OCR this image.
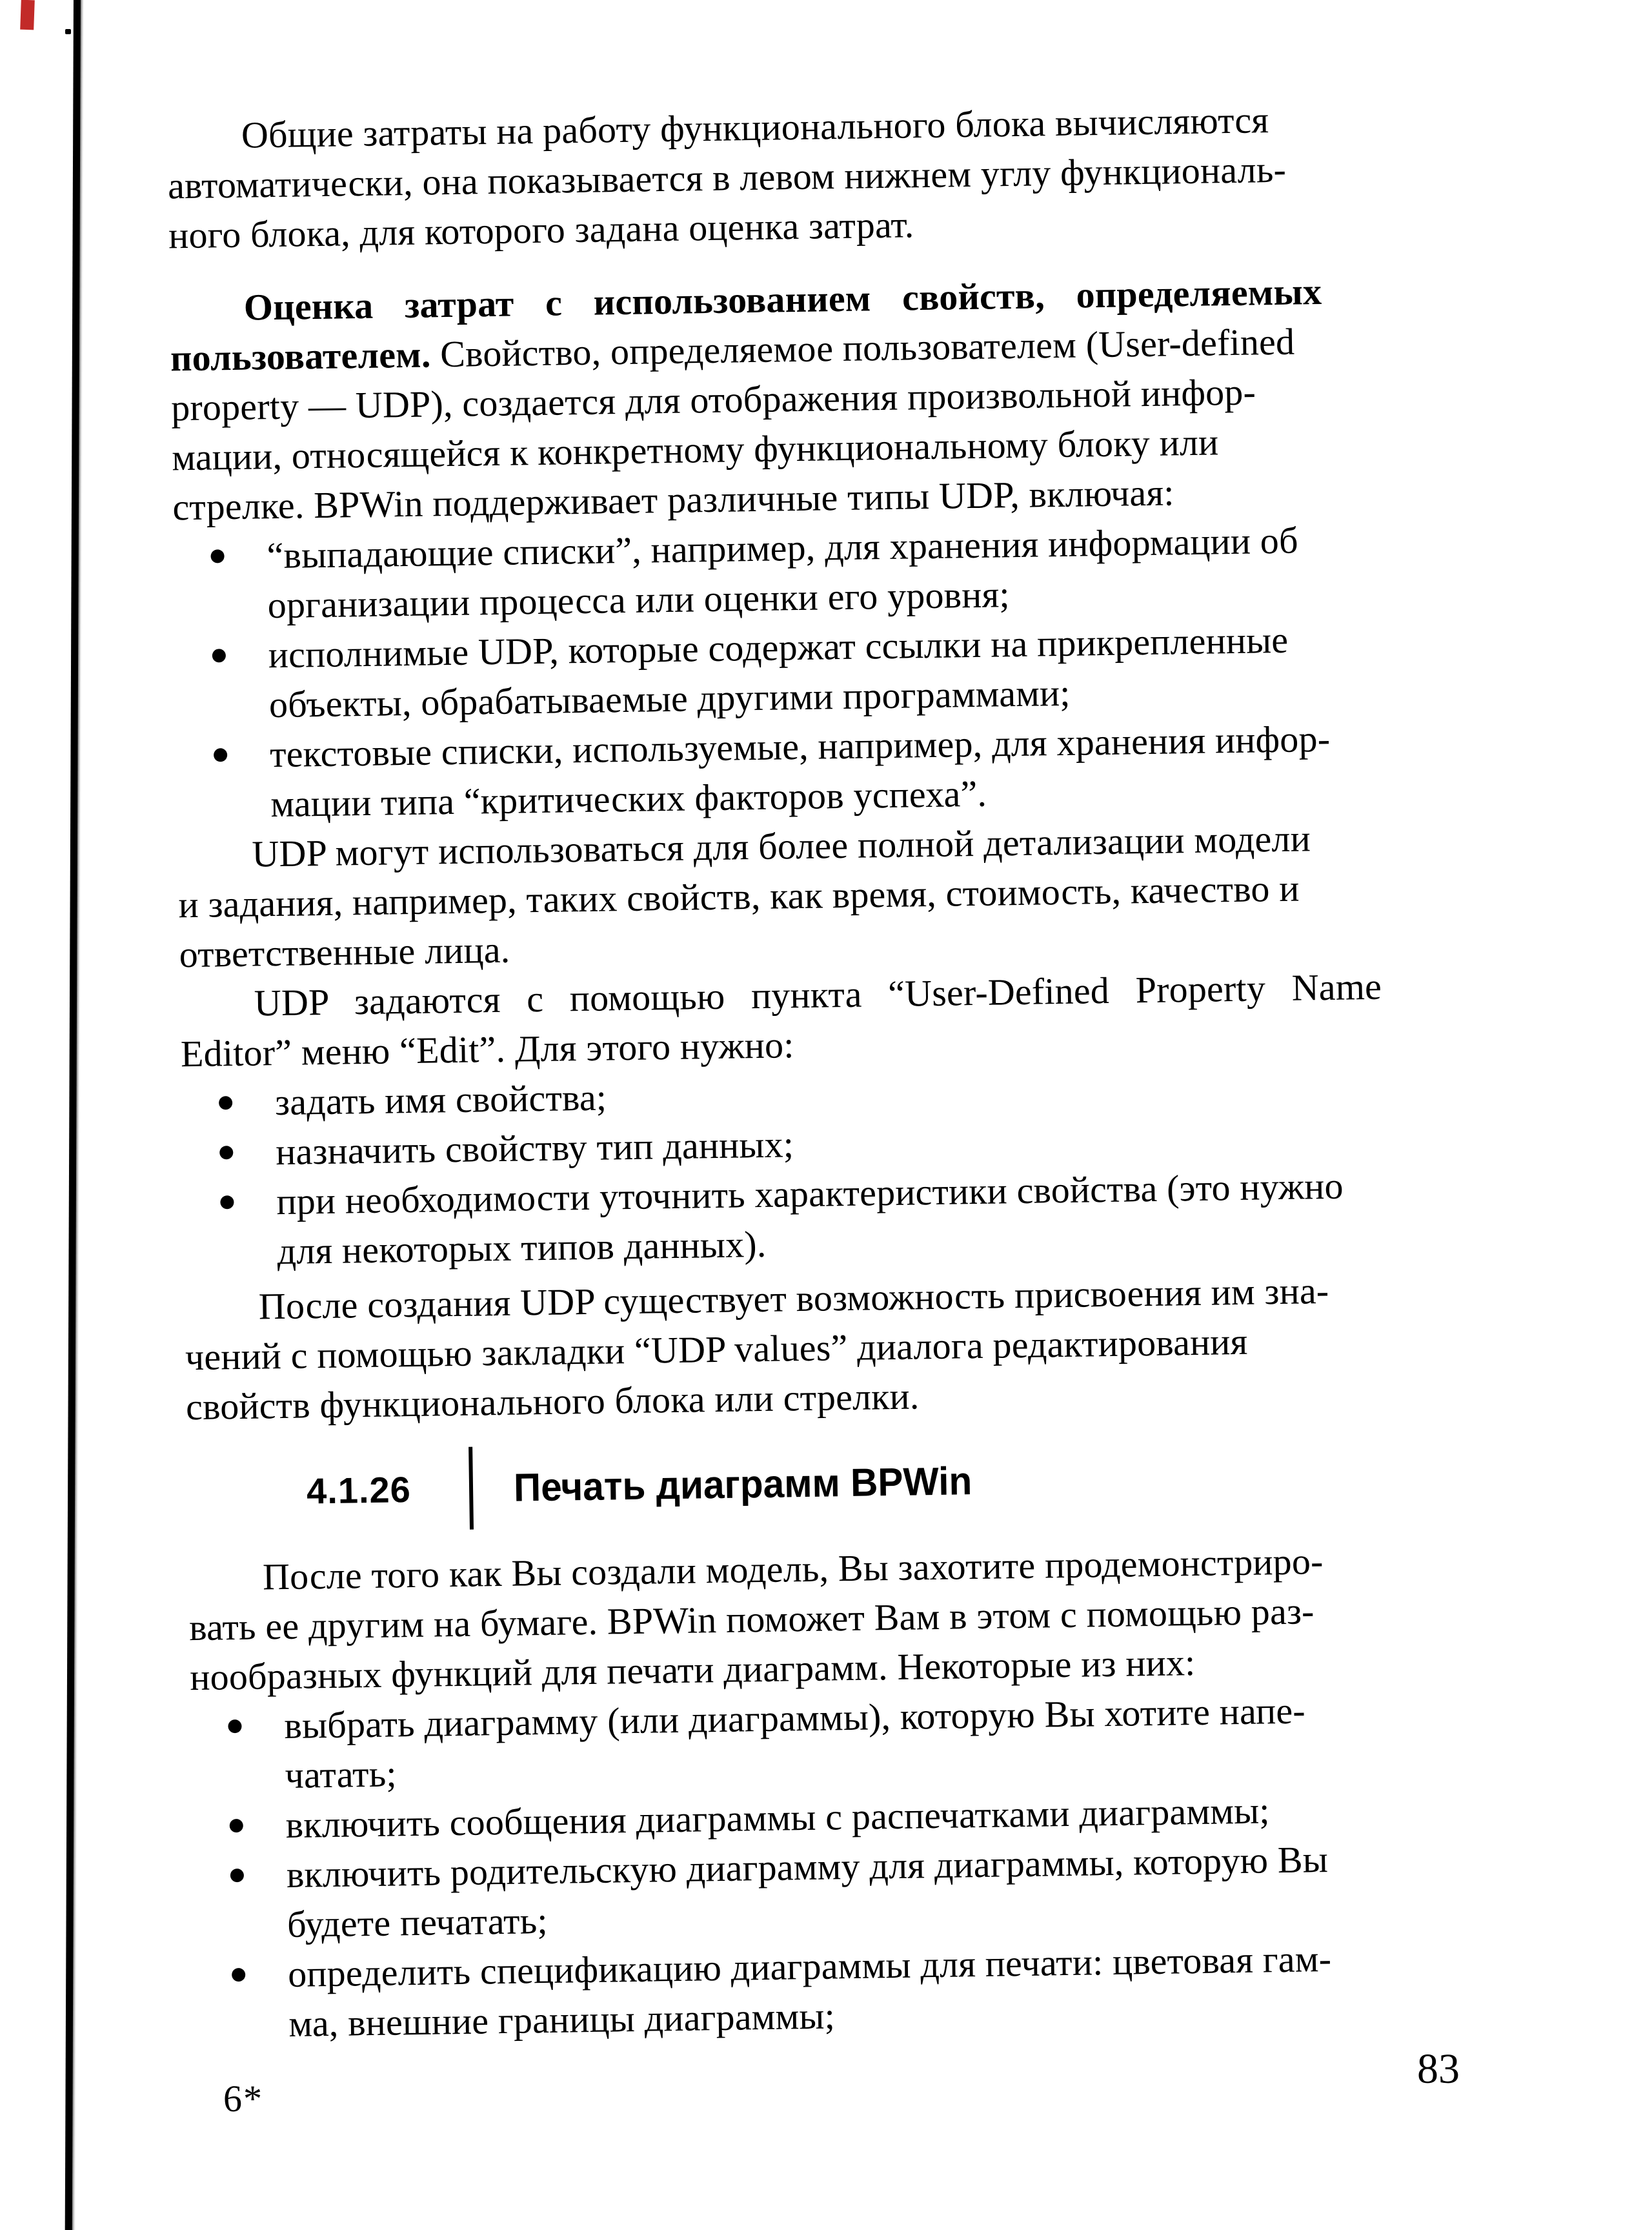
Общие затраты на работу функционального блока вычисляются
автоматически, она показывается в левом нижнем углу функциональ-
ного блока, для которого задана оценка затрат.

Оценка затрат с использованием свойств, определяемых
пользователем. Свойство, определяемое пользователем (User-defined
property — UDP), создается для отображения произвольной инфор-
мации, относящейся к конкретному функциональному блоку или
стрелке. BPWin поддерживает различные типы UDP, включая:

“выпадающие списки”, например, для хранения информации об
организации процесса или оценки его уровня;
исполнимые UDP, которые содержат ссылки на прикрепленные
объекты, обрабатываемые другими программами;
текстовые списки, используемые, например, для хранения инфор-
мации типа “критических факторов успеха”.

UDP могут использоваться для более полной детализации модели
и задания, например, таких свойств, как время, стоимость, качество и
ответственные лица.

UDP задаются с помощью пункта “User-Defined Property Name
Editor” меню “Edit”. Для этого нужно:

задать имя свойства;
назначить свойству тип данных;
при необходимости уточнить характеристики свойства (это нужно
для некоторых типов данных).

После создания UDP существует возможность присвоения им зна-
чений с помощью закладки “UDP values” диалога редактирования
свойств функционального блока или стрелки.

4.1.26	Печать диаграмм BPWin

После того как Вы создали модель, Вы захотите продемонстриро-
вать ее другим на бумаге. BPWin поможет Вам в этом с помощью раз-
нообразных функций для печати диаграмм. Некоторые из них:

выбрать диаграмму (или диаграммы), которую Вы хотите напе-
чатать;
включить сообщения диаграммы с распечатками диаграммы;
включить родительскую диаграмму для диаграммы, которую Вы
будете печатать;
определить спецификацию диаграммы для печати: цветовая гам-
ма, внешние границы диаграммы;
83
6*
